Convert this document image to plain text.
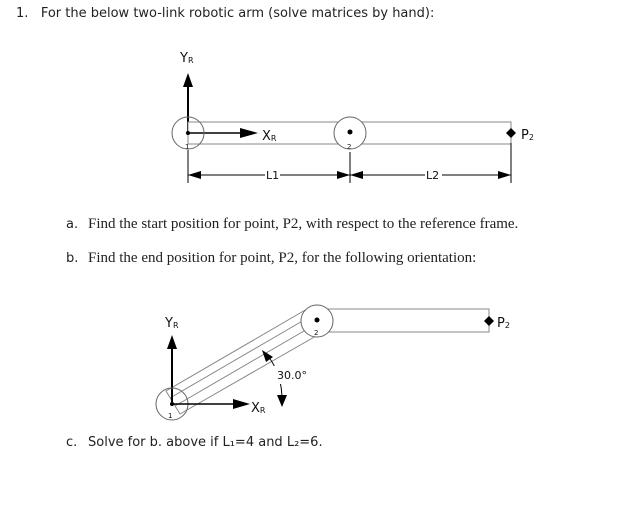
1. For the below two-link robotic arm (solve matrices by hand):

YR
XR
1	2
P2
L1	L2
a. Find the start position for point, P2, with respect to the reference frame.
b. Find the end position for point, P2, for the following orientation:
YR
1	XR
30.0°
2
P2
c. Solve for b. above if L₁=4 and L₂=6.
